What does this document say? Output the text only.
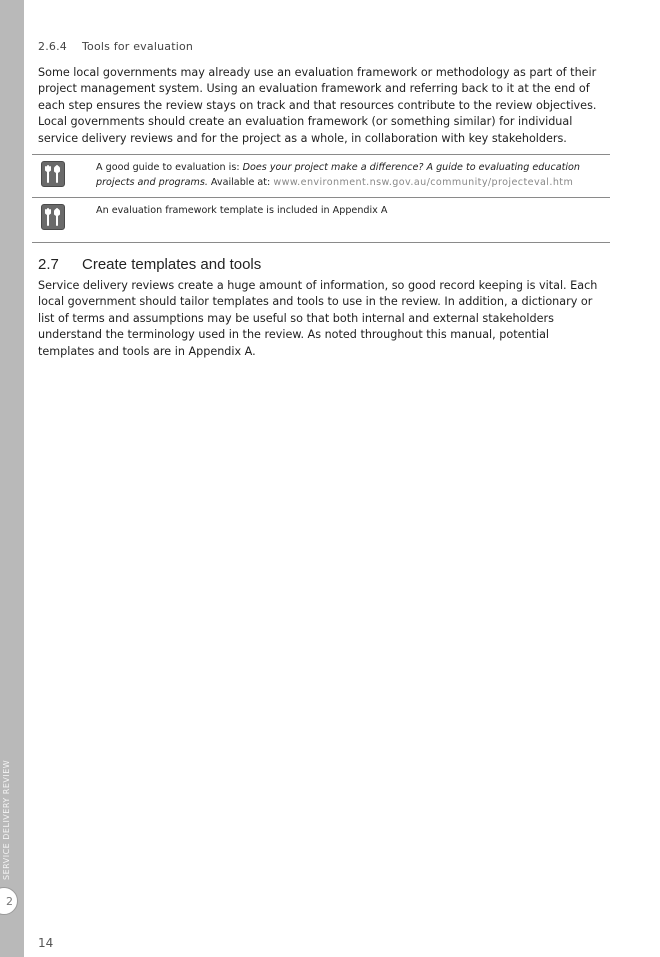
SERVICE DELIVERY REVIEW
2
2.6.4 Tools for evaluation

Some local governments may already use an evaluation framework or methodology as part of their project management system. Using an evaluation framework and referring back to it at the end of each step ensures the review stays on track and that resources contribute to the review objectives. Local governments should create an evaluation framework (or something similar) for individual service delivery reviews and for the project as a whole, in collaboration with key stakeholders.

A good guide to evaluation is: Does your project make a difference? A guide to evaluating education projects and programs. Available at: www.environment.nsw.gov.au/community/projecteval.htm
An evaluation framework template is included in Appendix A
2.7 Create templates and tools

Service delivery reviews create a huge amount of information, so good record keeping is vital. Each local government should tailor templates and tools to use in the review. In addition, a dictionary or list of terms and assumptions may be useful so that both internal and external stakeholders understand the terminology used in the review. As noted throughout this manual, potential templates and tools are in Appendix A.

14
